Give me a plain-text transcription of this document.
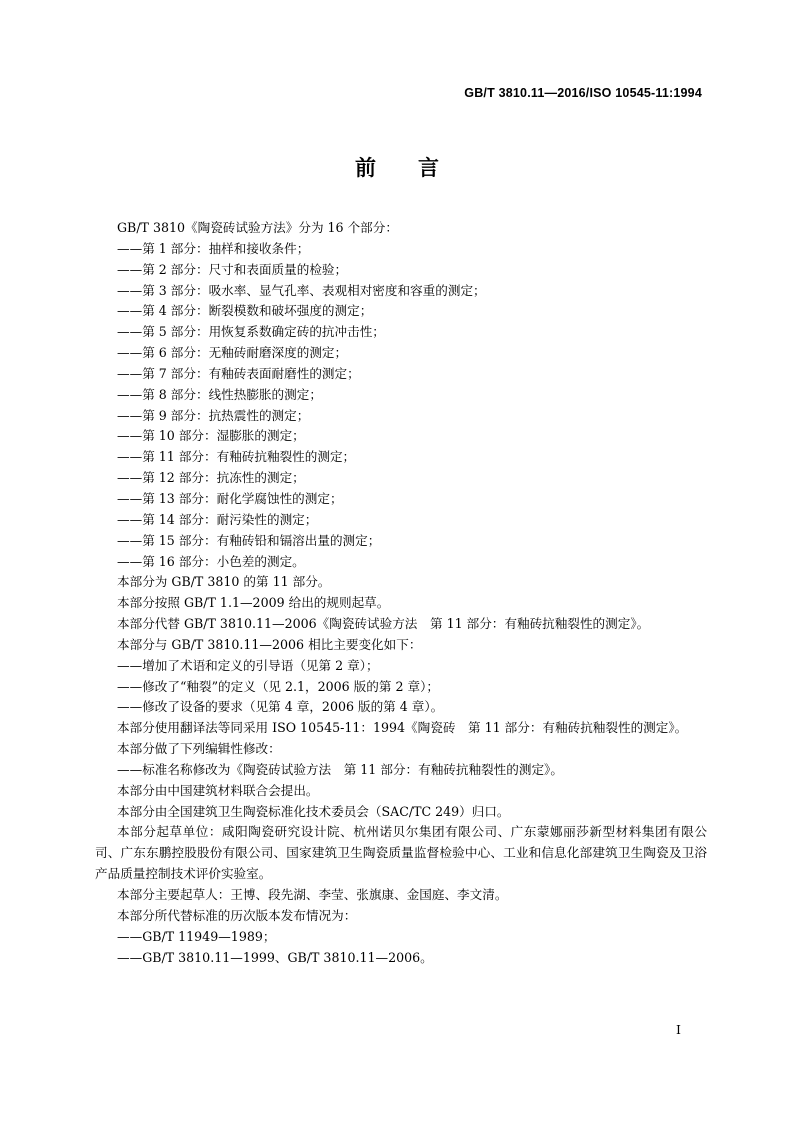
GB/T 3810.11—2016/ISO 10545-11:1994
前言
GB/T 3810《陶瓷砖试验方法》分为 16 个部分：
——第 1 部分：抽样和接收条件；
——第 2 部分：尺寸和表面质量的检验；
——第 3 部分：吸水率、显气孔率、表观相对密度和容重的测定；
——第 4 部分：断裂模数和破坏强度的测定；
——第 5 部分：用恢复系数确定砖的抗冲击性；
——第 6 部分：无釉砖耐磨深度的测定；
——第 7 部分：有釉砖表面耐磨性的测定；
——第 8 部分：线性热膨胀的测定；
——第 9 部分：抗热震性的测定；
——第 10 部分：湿膨胀的测定；
——第 11 部分：有釉砖抗釉裂性的测定；
——第 12 部分：抗冻性的测定；
——第 13 部分：耐化学腐蚀性的测定；
——第 14 部分：耐污染性的测定；
——第 15 部分：有釉砖铅和镉溶出量的测定；
——第 16 部分：小色差的测定。
本部分为 GB/T 3810 的第 11 部分。
本部分按照 GB/T 1.1—2009 给出的规则起草。
本部分代替 GB/T 3810.11—2006《陶瓷砖试验方法　第 11 部分：有釉砖抗釉裂性的测定》。
本部分与 GB/T 3810.11—2006 相比主要变化如下：
——增加了术语和定义的引导语（见第 2 章）；
——修改了“釉裂”的定义（见 2.1，2006 版的第 2 章）；
——修改了设备的要求（见第 4 章，2006 版的第 4 章）。
本部分使用翻译法等同采用 ISO 10545-11：1994《陶瓷砖　第 11 部分：有釉砖抗釉裂性的测定》。
本部分做了下列编辑性修改：
——标准名称修改为《陶瓷砖试验方法　第 11 部分：有釉砖抗釉裂性的测定》。
本部分由中国建筑材料联合会提出。
本部分由全国建筑卫生陶瓷标准化技术委员会（SAC/TC 249）归口。
本部分起草单位：咸阳陶瓷研究设计院、杭州诺贝尔集团有限公司、广东蒙娜丽莎新型材料集团有限公司、广东东鹏控股股份有限公司、国家建筑卫生陶瓷质量监督检验中心、工业和信息化部建筑卫生陶瓷及卫浴产品质量控制技术评价实验室。
本部分主要起草人：王博、段先湖、李莹、张旗康、金国庭、李文清。
本部分所代替标准的历次版本发布情况为：
——GB/T 11949—1989；
——GB/T 3810.11—1999、GB/T 3810.11—2006。
I
